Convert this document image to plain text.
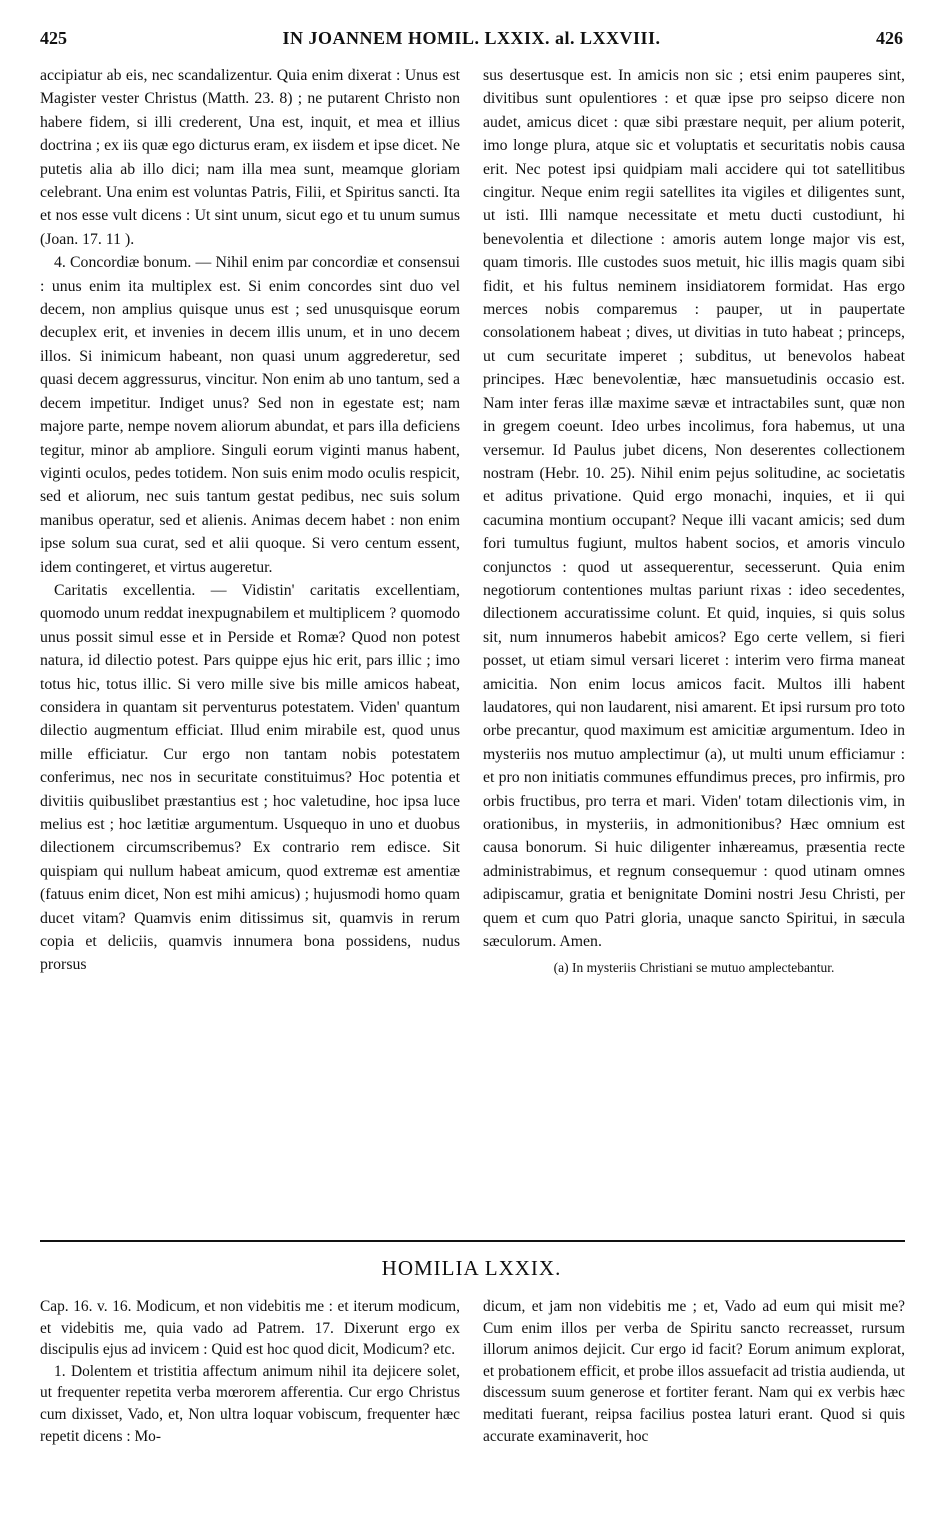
425	IN JOANNEM HOMIL. LXXIX. al. LXXVIII.	426

accipiatur ab eis, nec scandalizentur. Quia enim dixerat : Unus est Magister vester Christus (Matth. 23. 8) ; ne putarent Christo non habere fidem, si illi crederent, Una est, inquit, et mea et illius doctrina ; ex iis quæ ego dicturus eram, ex iisdem et ipse dicet. Ne putetis alia ab illo dici; nam illa mea sunt, meamque gloriam celebrant. Una enim est voluntas Patris, Filii, et Spiritus sancti. Ita et nos esse vult dicens : Ut sint unum, sicut ego et tu unum sumus (Joan. 17. 11 ).

4. Concordiæ bonum. — Nihil enim par concordiæ et consensui : unus enim ita multiplex est. Si enim concordes sint duo vel decem, non amplius quisque unus est ; sed unusquisque eorum decuplex erit, et invenies in decem illis unum, et in uno decem illos. Si inimicum habeant, non quasi unum aggrederetur, sed quasi decem aggressurus, vincitur. Non enim ab uno tantum, sed a decem impetitur. Indiget unus? Sed non in egestate est; nam majore parte, nempe novem aliorum abundat, et pars illa deficiens tegitur, minor ab ampliore. Singuli eorum viginti manus habent, viginti oculos, pedes totidem. Non suis enim modo oculis respicit, sed et aliorum, nec suis tantum gestat pedibus, nec suis solum manibus operatur, sed et alienis. Animas decem habet : non enim ipse solum sua curat, sed et alii quoque. Si vero centum essent, idem contingeret, et virtus augeretur.

Caritatis excellentia. — Vidistin' caritatis excellentiam, quomodo unum reddat inexpugnabilem et multiplicem ? quomodo unus possit simul esse et in Perside et Romæ? Quod non potest natura, id dilectio potest. Pars quippe ejus hic erit, pars illic ; imo totus hic, totus illic. Si vero mille sive bis mille amicos habeat, considera in quantam sit perventurus potestatem. Viden' quantum dilectio augmentum efficiat. Illud enim mirabile est, quod unus mille efficiatur. Cur ergo non tantam nobis potestatem conferimus, nec nos in securitate constituimus? Hoc potentia et divitiis quibuslibet præstantius est ; hoc valetudine, hoc ipsa luce melius est ; hoc lætitiæ argumentum. Usquequo in uno et duobus dilectionem circumscribemus? Ex contrario rem edisce. Sit quispiam qui nullum habeat amicum, quod extremæ est amentiæ (fatuus enim dicet, Non est mihi amicus) ; hujusmodi homo quam ducet vitam? Quamvis enim ditissimus sit, quamvis in rerum copia et deliciis, quamvis innumera bona possidens, nudus prorsus

sus desertusque est. In amicis non sic ; etsi enim pauperes sint, divitibus sunt opulentiores : et quæ ipse pro seipso dicere non audet, amicus dicet : quæ sibi præstare nequit, per alium poterit, imo longe plura, atque sic et voluptatis et securitatis nobis causa erit. Nec potest ipsi quidpiam mali accidere qui tot satellitibus cingitur. Neque enim regii satellites ita vigiles et diligentes sunt, ut isti. Illi namque necessitate et metu ducti custodiunt, hi benevolentia et dilectione : amoris autem longe major vis est, quam timoris. Ille custodes suos metuit, hic illis magis quam sibi fidit, et his fultus neminem insidiatorem formidat. Has ergo merces nobis comparemus : pauper, ut in paupertate consolationem habeat ; dives, ut divitias in tuto habeat ; princeps, ut cum securitate imperet ; subditus, ut benevolos habeat principes. Hæc benevolentiæ, hæc mansuetudinis occasio est. Nam inter feras illæ maxime sævæ et intractabiles sunt, quæ non in gregem coeunt. Ideo urbes incolimus, fora habemus, ut una versemur. Id Paulus jubet dicens, Non deserentes collectionem nostram (Hebr. 10. 25). Nihil enim pejus solitudine, ac societatis et aditus privatione. Quid ergo monachi, inquies, et ii qui cacumina montium occupant? Neque illi vacant amicis; sed dum fori tumultus fugiunt, multos habent socios, et amoris vinculo conjunctos : quod ut assequerentur, secesserunt. Quia enim negotiorum contentiones multas pariunt rixas : ideo secedentes, dilectionem accuratissime colunt. Et quid, inquies, si quis solus sit, num innumeros habebit amicos? Ego certe vellem, si fieri posset, ut etiam simul versari liceret : interim vero firma maneat amicitia. Non enim locus amicos facit. Multos illi habent laudatores, qui non laudarent, nisi amarent. Et ipsi rursum pro toto orbe precantur, quod maximum est amicitiæ argumentum. Ideo in mysteriis nos mutuo amplectimur (a), ut multi unum efficiamur : et pro non initiatis communes effundimus preces, pro infirmis, pro orbis fructibus, pro terra et mari. Viden' totam dilectionis vim, in orationibus, in mysteriis, in admonitionibus? Hæc omnium est causa bonorum. Si huic diligenter inhæreamus, præsentia recte administrabimus, et regnum consequemur : quod utinam omnes adipiscamur, gratia et benignitate Domini nostri Jesu Christi, per quem et cum quo Patri gloria, unaque sancto Spiritui, in sæcula sæculorum. Amen.

(a) In mysteriis Christiani se mutuo amplectebantur.

HOMILIA LXXIX.

Cap. 16. v. 16. Modicum, et non videbitis me : et iterum modicum, et videbitis me, quia vado ad Patrem. 17. Dixerunt ergo ex discipulis ejus ad invicem : Quid est hoc quod dicit, Modicum? etc.

1. Dolentem et tristitia affectum animum nihil ita dejicere solet, ut frequenter repetita verba mœrorem afferentia. Cur ergo Christus cum dixisset, Vado, et, Non ultra loquar vobiscum, frequenter hæc repetit dicens : Mo-

dicum, et jam non videbitis me ; et, Vado ad eum qui misit me? Cum enim illos per verba de Spiritu sancto recreasset, rursum illorum animos dejicit. Cur ergo id facit? Eorum animum explorat, et probationem efficit, et probe illos assuefacit ad tristia audienda, ut discessum suum generose et fortiter ferant. Nam qui ex verbis hæc meditati fuerant, reipsa facilius postea laturi erant. Quod si quis accurate examinaverit, hoc
